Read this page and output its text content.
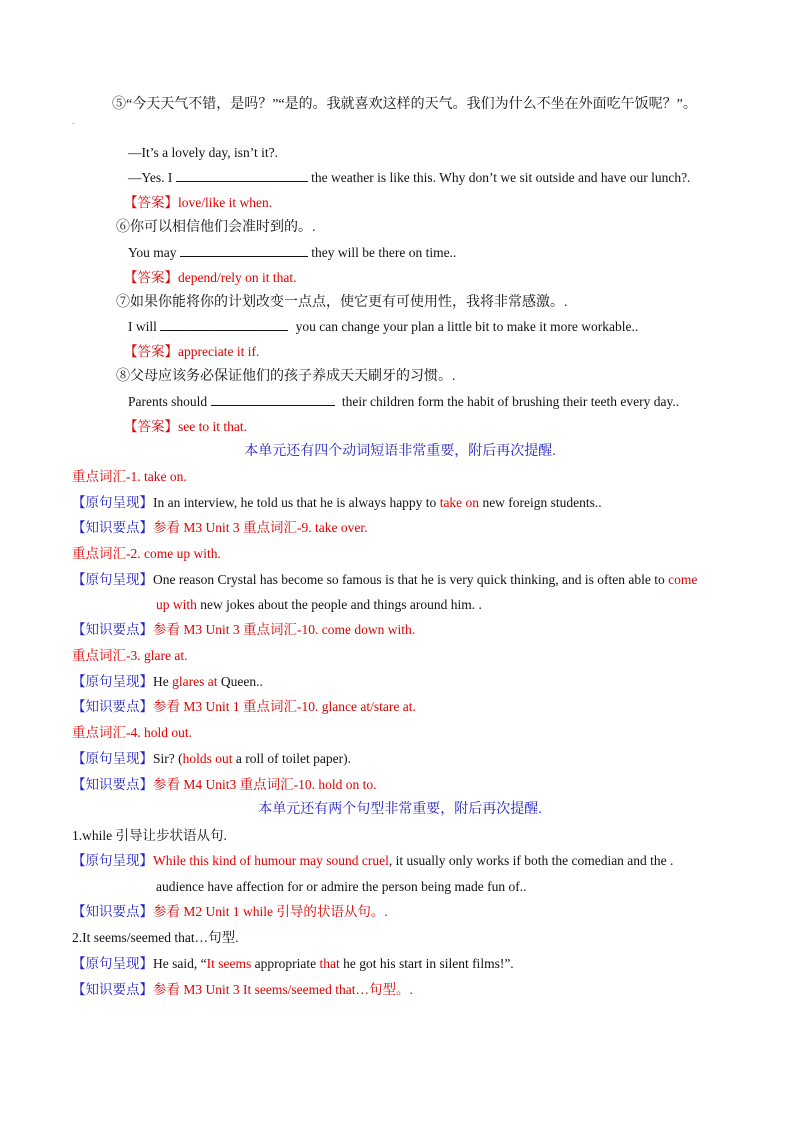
⑤“今天天气不错，是吗？”“是的。我就喜欢这样的天气。我们为什么不坐在外面吃午饭呢？”。
.
—It’s a lovely day, isn’t it?.
—Yes. I	the weather is like this. Why don’t we sit outside and have our lunch?.
【答案】love/like it when.
⑥你可以相信他们会准时到的。.
You may	they will be there on time..
【答案】depend/rely on it that.
⑦如果你能将你的计划改变一点点，使它更有可使用性，我将非常感激。.
I will	you can change your plan a little bit to make it more workable..
【答案】appreciate it if.
⑧父母应该务必保证他们的孩子养成天天刷牙的习惯。.
Parents should	their children form the habit of brushing their teeth every day..
【答案】see to it that.
本单元还有四个动词短语非常重要，附后再次提醒.
重点词汇-1. take on.
【原句呈现】In an interview, he told us that he is always happy to take on new foreign students..
【知识要点】参看 M3 Unit 3 重点词汇-9. take over.
重点词汇-2. come up with.
【原句呈现】One reason Crystal has become so famous is that he is very quick thinking, and is often able to come
up with new jokes about the people and things around him. .
【知识要点】参看 M3 Unit 3 重点词汇-10. come down with.
重点词汇-3. glare at.
【原句呈现】He glares at Queen..
【知识要点】参看 M3 Unit 1 重点词汇-10. glance at/stare at.
重点词汇-4. hold out.
【原句呈现】Sir? (holds out a roll of toilet paper).
【知识要点】参看 M4 Unit3 重点词汇-10. hold on to.
本单元还有两个句型非常重要，附后再次提醒.
1.while 引导让步状语从句.
【原句呈现】While this kind of humour may sound cruel, it usually only works if both the comedian and the .
audience have affection for or admire the person being made fun of..
【知识要点】参看 M2 Unit 1 while 引导的状语从句。.
2.It seems/seemed that…句型.
【原句呈现】He said, “It seems appropriate that he got his start in silent films!”.
【知识要点】参看 M3 Unit 3 It seems/seemed that…句型。.
